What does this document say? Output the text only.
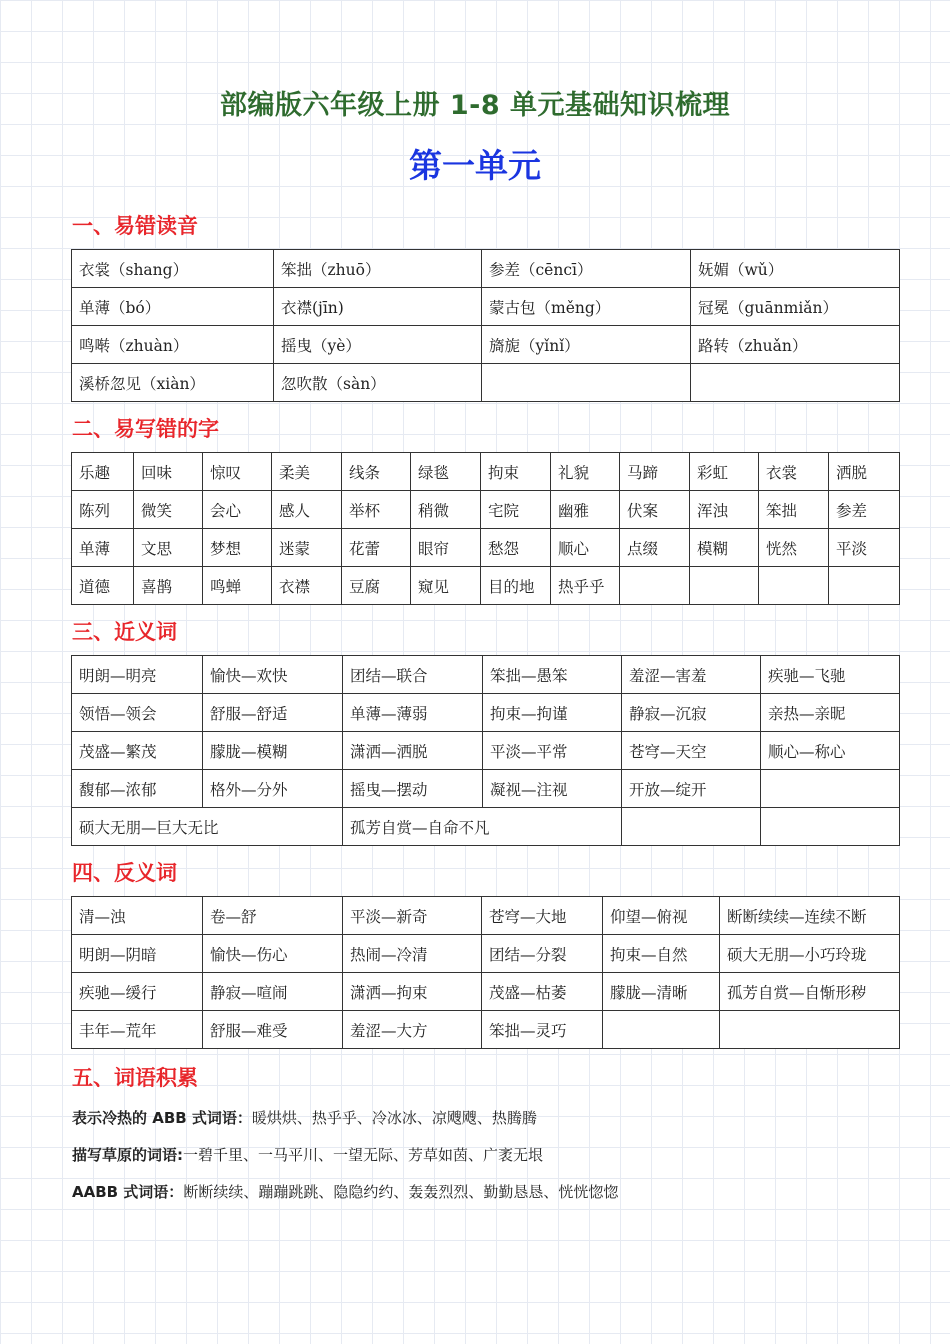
部编版六年级上册 1-8 单元基础知识梳理
第一单元
一、易错读音
衣裳（shang）	笨拙（zhuō）	参差（cēncī）	妩媚（wǔ）
单薄（bó）	衣襟(jīn)	蒙古包（měng）	冠冕（guānmiǎn）
鸣啭（zhuàn）	摇曳（yè）	旖旎（yǐnǐ）	路转（zhuǎn）
溪桥忽见（xiàn）	忽吹散（sàn）		
二、易写错的字
乐趣	回味	惊叹	柔美	线条	绿毯	拘束	礼貌	马蹄	彩虹	衣裳	洒脱
陈列	微笑	会心	感人	举杯	稍微	宅院	幽雅	伏案	浑浊	笨拙	参差
单薄	文思	梦想	迷蒙	花蕾	眼帘	愁怨	顺心	点缀	模糊	恍然	平淡
道德	喜鹊	鸣蝉	衣襟	豆腐	窥见	目的地	热乎乎				
三、近义词
明朗—明亮	愉快—欢快	团结—联合	笨拙—愚笨	羞涩—害羞	疾驰—飞驰
领悟—领会	舒服—舒适	单薄—薄弱	拘束—拘谨	静寂—沉寂	亲热—亲昵
茂盛—繁茂	朦胧—模糊	潇洒—洒脱	平淡—平常	苍穹—天空	顺心—称心
馥郁—浓郁	格外—分外	摇曳—摆动	凝视—注视	开放—绽开	
硕大无朋—巨大无比		孤芳自赏—自命不凡			
四、反义词
清—浊	卷—舒	平淡—新奇	苍穹—大地	仰望—俯视	断断续续—连续不断
明朗—阴暗	愉快—伤心	热闹—冷清	团结—分裂	拘束—自然	硕大无朋—小巧玲珑
疾驰—缓行	静寂—喧闹	潇洒—拘束	茂盛—枯萎	朦胧—清晰	孤芳自赏—自惭形秽
丰年—荒年	舒服—难受	羞涩—大方	笨拙—灵巧		
五、词语积累
表示冷热的 ABB 式词语：暖烘烘、热乎乎、冷冰冰、凉飕飕、热腾腾
描写草原的词语:一碧千里、一马平川、一望无际、芳草如茵、广袤无垠
AABB 式词语：断断续续、蹦蹦跳跳、隐隐约约、轰轰烈烈、勤勤恳恳、恍恍惚惚
